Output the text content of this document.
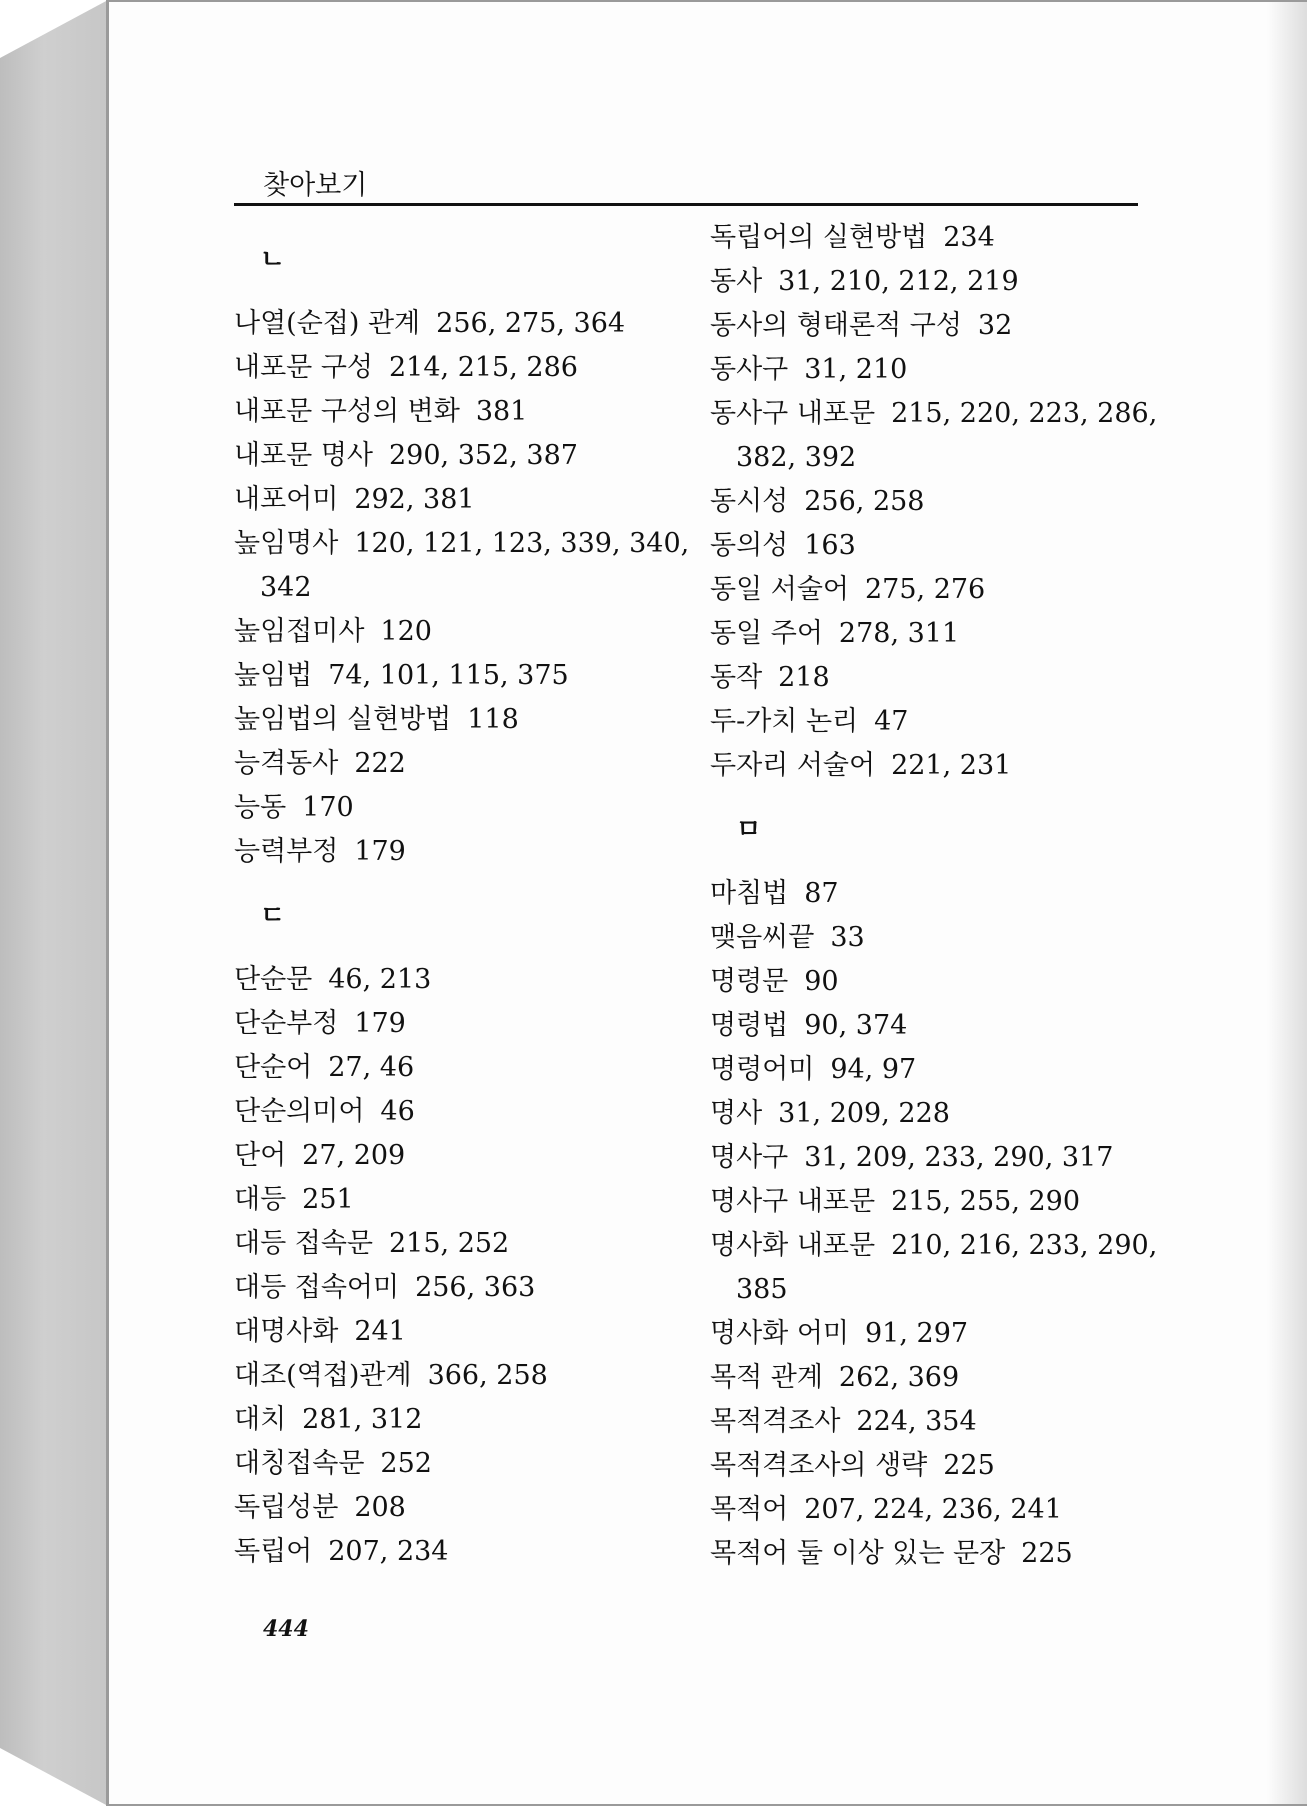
찾아보기
ㄴ
나열(순접) 관계 256, 275, 364
내포문 구성 214, 215, 286
내포문 구성의 변화 381
내포문 명사 290, 352, 387
내포어미 292, 381
높임명사 120, 121, 123, 339, 340,
342
높임접미사 120
높임법 74, 101, 115, 375
높임법의 실현방법 118
능격동사 222
능동 170
능력부정 179
ㄷ
단순문 46, 213
단순부정 179
단순어 27, 46
단순의미어 46
단어 27, 209
대등 251
대등 접속문 215, 252
대등 접속어미 256, 363
대명사화 241
대조(역접)관계 366, 258
대치 281, 312
대칭접속문 252
독립성분 208
독립어 207, 234
독립어의 실현방법 234
동사 31, 210, 212, 219
동사의 형태론적 구성 32
동사구 31, 210
동사구 내포문 215, 220, 223, 286,
382, 392
동시성 256, 258
동의성 163
동일 서술어 275, 276
동일 주어 278, 311
동작 218
두-가치 논리 47
두자리 서술어 221, 231
ㅁ
마침법 87
맺음씨끝 33
명령문 90
명령법 90, 374
명령어미 94, 97
명사 31, 209, 228
명사구 31, 209, 233, 290, 317
명사구 내포문 215, 255, 290
명사화 내포문 210, 216, 233, 290,
385
명사화 어미 91, 297
목적 관계 262, 369
목적격조사 224, 354
목적격조사의 생략 225
목적어 207, 224, 236, 241
목적어 둘 이상 있는 문장 225
444
